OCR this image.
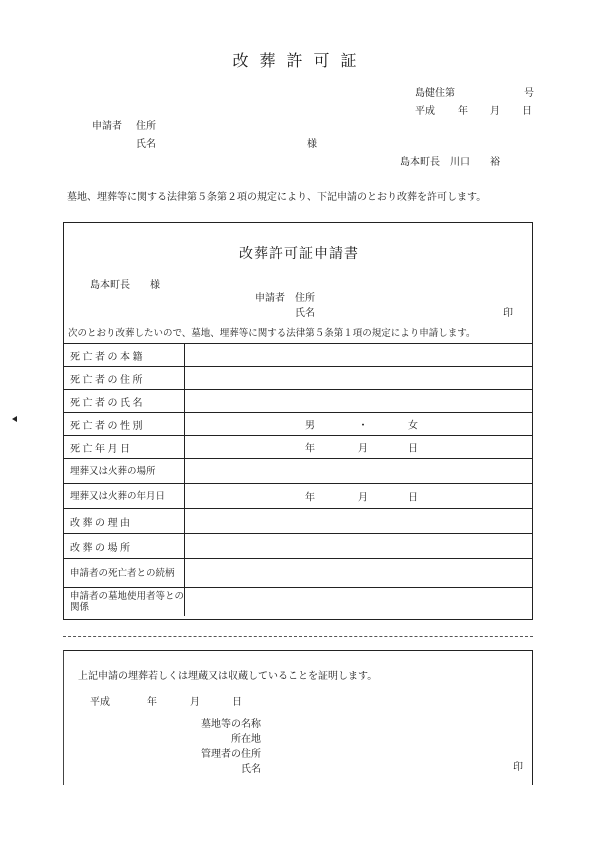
改葬許可証
島健住第	号
平成 年 月 日
申請者 住所
氏名	様
島本町長　川口　　裕
墓地、埋葬等に関する法律第５条第２項の規定により、下記申請のとおり改葬を許可します。
改葬許可証申請書
島本町長　　様
申請者 住所
氏名	印
次のとおり改葬したいので、墓地、埋葬等に関する法律第５条第１項の規定により申請します。
死亡者の本籍	
死亡者の住所	
死亡者の氏名	
死亡者の性別	男 ・ 女

死亡年月日	年 月 日

埋葬又は火葬の場所	
埋葬又は火葬の年月日	年 月 日

改葬の理由	
改葬の場所	
申請者の死亡者との続柄	
申請者の墓地使用者等との関係	
上記申請の埋葬若しくは埋蔵又は収蔵していることを証明します。
平成	年	月	日
墓地等の名称
所在地
管理者の住所
氏名	印
